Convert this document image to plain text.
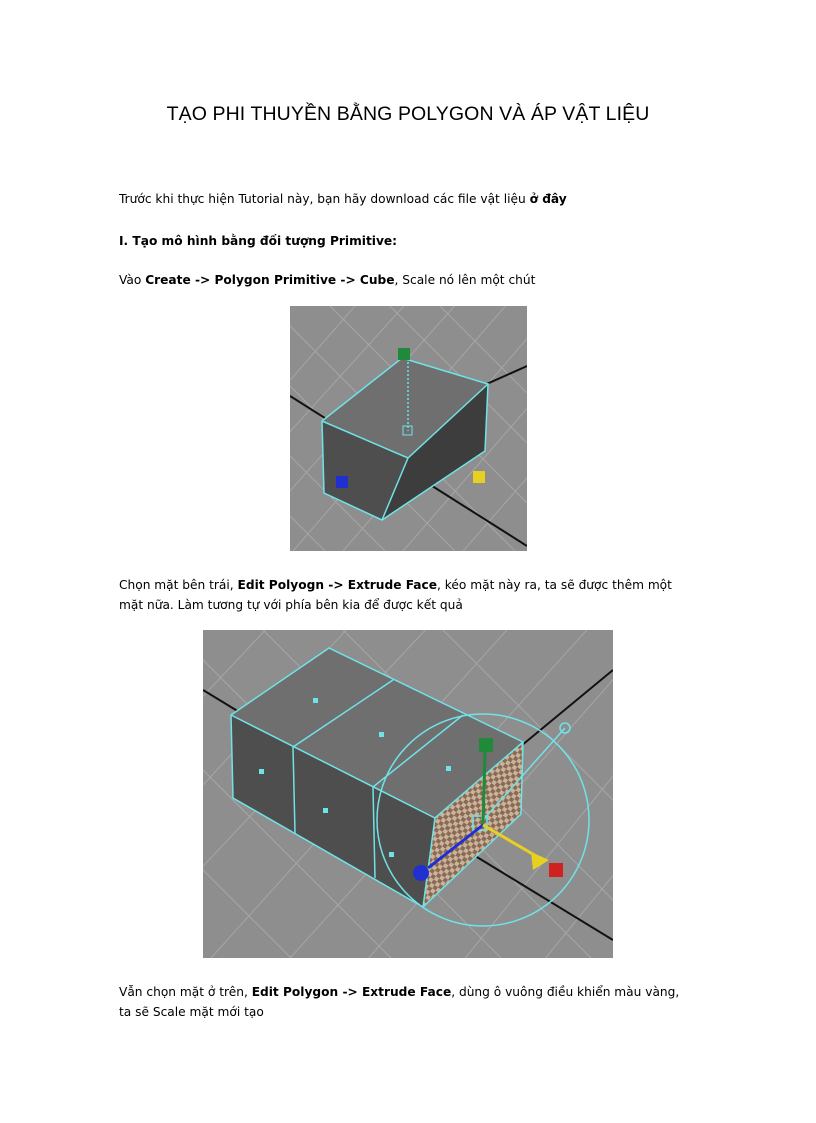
TẠO PHI THUYỀN BẰNG POLYGON VÀ ÁP VẬT LIỆU
Trước khi thực hiện Tutorial này, bạn hãy download các file vật liệu ở đây
I. Tạo mô hình bằng đối tượng Primitive:
Vào Create -> Polygon Primitive -> Cube, Scale nó lên một chút
Chọn mặt bên trái, Edit Polyogn -> Extrude Face, kéo mặt này ra, ta sẽ được thêm một
mặt nữa. Làm tương tự với phía bên kia để được kết quả
Vẫn chọn mặt ở trên, Edit Polygon -> Extrude Face, dùng ô vuông điều khiển màu vàng,
ta sẽ Scale mặt mới tạo
